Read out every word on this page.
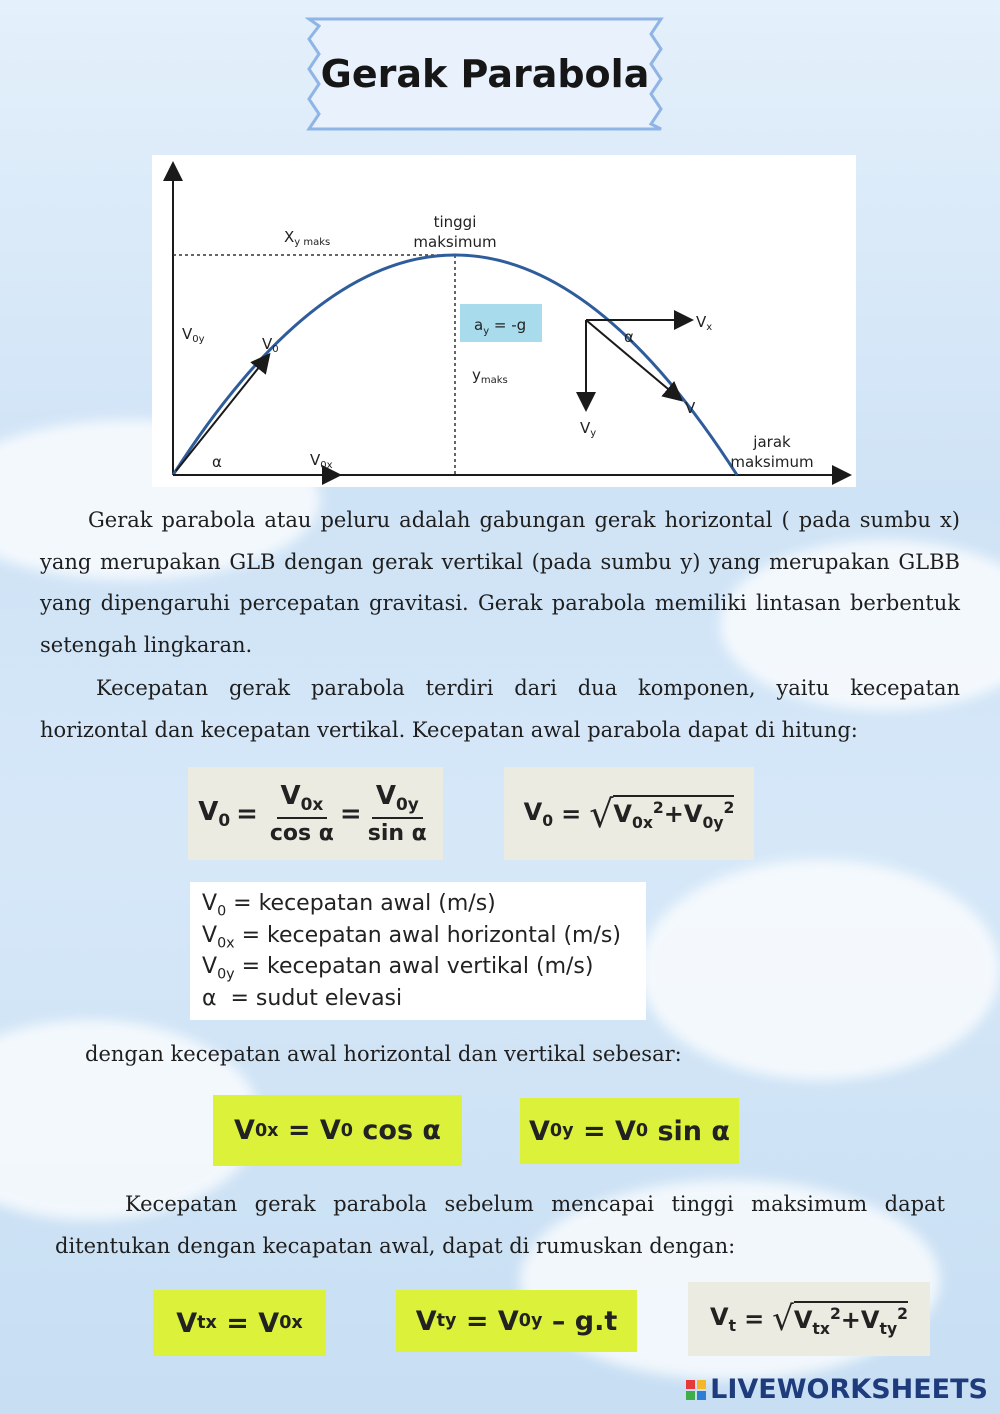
Gerak Parabola
$X_{y maks}$
tinggi
maksimum
$a_y = -g$
$V_{0y}$	$V_0$
α	$V_{0x}$
$y_{maks}$
α
$V_x$
$V_y$
V
jarak
maksimum

Gerak parabola atau peluru adalah gabungan gerak horizontal ( pada sumbu x) yang merupakan GLB dengan gerak vertikal (pada sumbu y) yang merupakan GLBB yang dipengaruhi percepatan gravitasi. Gerak parabola memiliki lintasan berbentuk setengah lingkaran.

Kecepatan gerak parabola terdiri dari dua komponen, yaitu kecepatan horizontal dan kecepatan vertikal. Kecepatan awal parabola dapat di hitung:

$V_0 = \frac{V_{0x}}{\text{cos α}} = \frac{V_{0y}}{\text{sin α}}$	$V_0$ = √ $V_{0x}^2+V_{0y}^2$
$V_0$ = kecepatan awal (m/s)
$V_{0x}$ = kecepatan awal horizontal (m/s)
$V_{0y}$ = kecepatan awal vertikal (m/s)
α  = sudut elevasi

dengan kecepatan awal horizontal dan vertikal sebesar:

V 0x = V 0 cos α	V 0y = V 0 sin α

Kecepatan gerak parabola sebelum mencapai tinggi maksimum dapat ditentukan dengan kecapatan awal, dapat di rumuskan dengan:

V tx = V 0x	V ty = V 0y – g.t	$V_t$ = √ $V_{tx}^2+V_{ty}^2$
LIVEWORKSHEETS
